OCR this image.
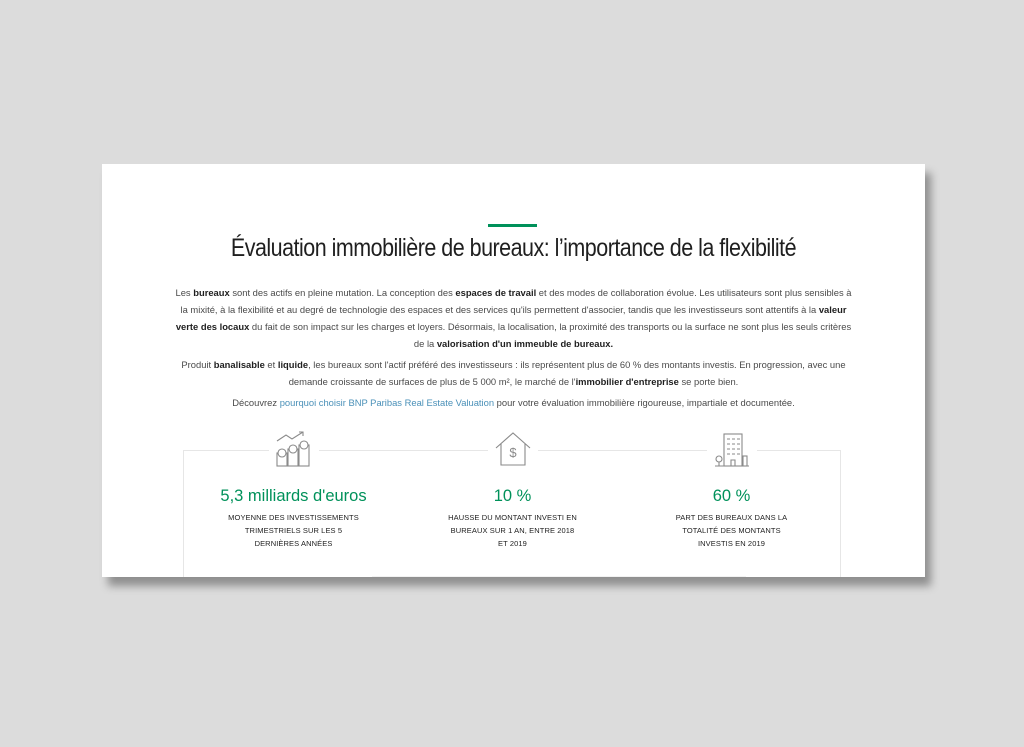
Évaluation immobilière de bureaux: l’importance de la flexibilité

Les bureaux sont des actifs en pleine mutation. La conception des espaces de travail et des modes de collaboration évolue. Les utilisateurs sont plus sensibles à la mixité, à la flexibilité et au degré de technologie des espaces et des services qu'ils permettent d'associer, tandis que les investisseurs sont attentifs à la valeur verte des locaux du fait de son impact sur les charges et loyers. Désormais, la localisation, la proximité des transports ou la surface ne sont plus les seuls critères de la valorisation d'un immeuble de bureaux.

Produit banalisable et liquide, les bureaux sont l'actif préféré des investisseurs : ils représentent plus de 60 % des montants investis. En progression, avec une demande croissante de surfaces de plus de 5 000 m², le marché de l'immobilier d'entreprise se porte bien.

Découvrez pourquoi choisir BNP Paribas Real Estate Valuation pour votre évaluation immobilière rigoureuse, impartiale et documentée.

5,3 milliards d'euros
MOYENNE DES INVESTISSEMENTS TRIMESTRIELS SUR LES 5 DERNIÈRES ANNÉES
$
10 %
HAUSSE DU MONTANT INVESTI EN BUREAUX SUR 1 AN, ENTRE 2018 ET 2019
60 %
PART DES BUREAUX DANS LA TOTALITÉ DES MONTANTS INVESTIS EN 2019
